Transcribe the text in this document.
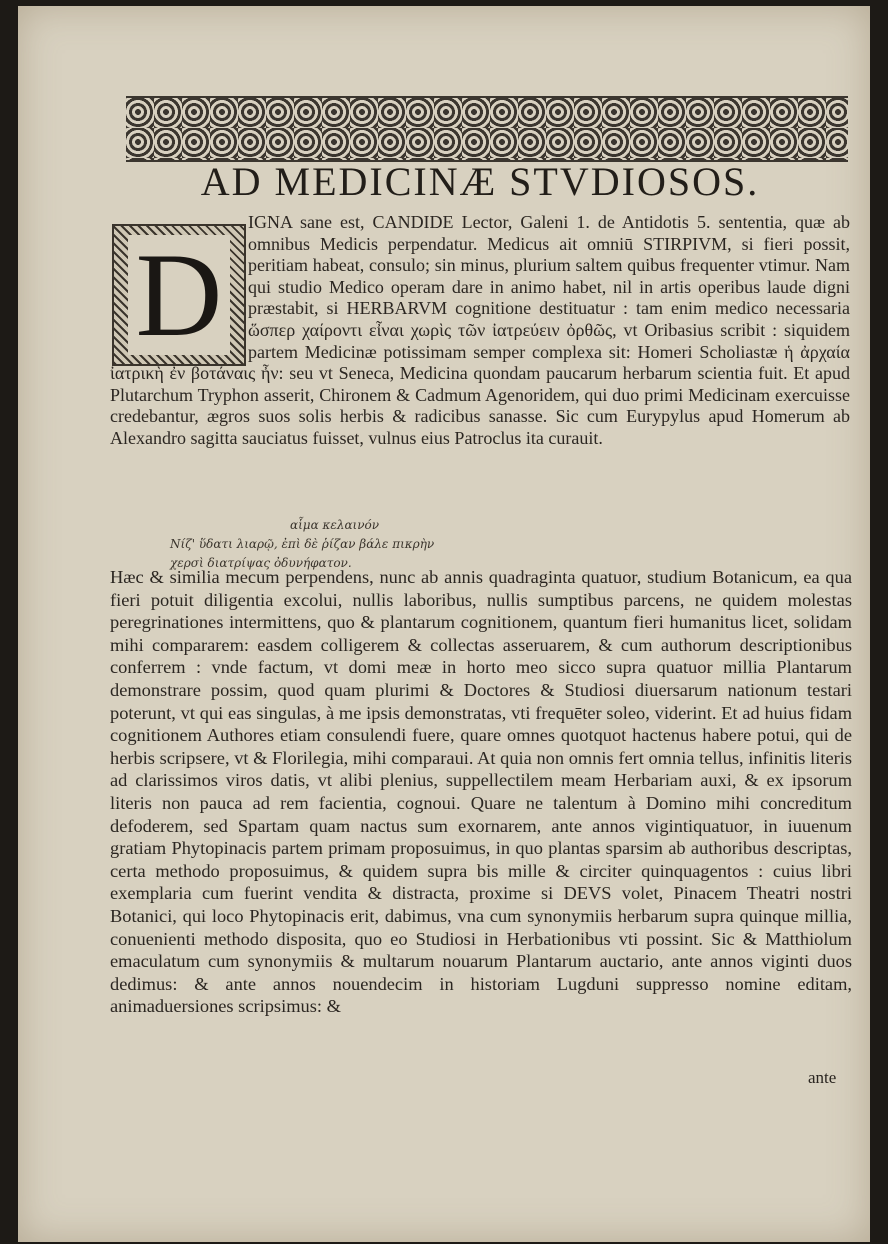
AD MEDICINÆ STVDIOSOS.
D
IGNA sane est, CANDIDE Lector, Galeni 1. de Antidotis 5. sententia, quæ ab omnibus Medicis perpendatur. Medicus ait omniū STIRPIVM, si fieri possit, peritiam habeat, consulo; sin minus, plurium saltem quibus frequenter vtimur. Nam qui studio Medico operam dare in animo habet, nil in artis operibus laude digni præstabit, si HERBARVM cognitione destituatur : tam enim medico necessaria ὥσπερ χαίροντι εἶναι χωρὶς τῶν ἰατρεύειν ὀρθῶς, vt Oribasius scribit : siquidem partem Medicinæ potissimam semper complexa sit: Homeri Scholiastæ ἡ ἀρχαία ἰατρικὴ ἐν βοτάναις ἦν: seu vt Seneca, Medicina quondam paucarum herbarum scientia fuit. Et apud Plutarchum Tryphon asserit, Chironem & Cadmum Agenoridem, qui duo primi Medicinam exercuisse credebantur, ægros suos solis herbis & radicibus sanasse. Sic cum Eurypylus apud Homerum ab Alexandro sagitta sauciatus fuisset, vulnus eius Patroclus ita curauit.
αἷμα κελαινόν
Νίζ' ὕδατι λιαρῷ, ἐπὶ δὲ ῥίζαν βάλε πικρὴν
χερσὶ διατρίψας ὀδυνήφατον.
Hæc & similia mecum perpendens, nunc ab annis quadraginta quatuor, studium Botanicum, ea qua fieri potuit diligentia excolui, nullis laboribus, nullis sumptibus parcens, ne quidem molestas peregrinationes intermittens, quo & plantarum cognitionem, quantum fieri humanitus licet, solidam mihi compararem: easdem colligerem & collectas asseruarem, & cum authorum descriptionibus conferrem : vnde factum, vt domi meæ in horto meo sicco supra quatuor millia Plantarum demonstrare possim, quod quam plurimi & Doctores & Studiosi diuersarum nationum testari poterunt, vt qui eas singulas, à me ipsis demonstratas, vti frequēter soleo, viderint. Et ad huius fidam cognitionem Authores etiam consulendi fuere, quare omnes quotquot hactenus habere potui, qui de herbis scripsere, vt & Florilegia, mihi comparaui. At quia non omnis fert omnia tellus, infinitis literis ad clarissimos viros datis, vt alibi plenius, suppellectilem meam Herbariam auxi, & ex ipsorum literis non pauca ad rem facientia, cognoui. Quare ne talentum à Domino mihi concreditum defoderem, sed Spartam quam nactus sum exornarem, ante annos vigintiquatuor, in iuuenum gratiam Phytopinacis partem primam proposuimus, in quo plantas sparsim ab authoribus descriptas, certa methodo proposuimus, & quidem supra bis mille & circiter quinquagentos : cuius libri exemplaria cum fuerint vendita & distracta, proxime si DEVS volet, Pinacem Theatri nostri Botanici, qui loco Phytopinacis erit, dabimus, vna cum synonymiis herbarum supra quinque millia, conuenienti methodo disposita, quo eo Studiosi in Herbationibus vti possint. Sic & Matthiolum emaculatum cum synonymiis & multarum nouarum Plantarum auctario, ante annos viginti duos dedimus: & ante annos nouendecim in historiam Lugduni suppresso nomine editam, animaduersiones scripsimus: &
ante
